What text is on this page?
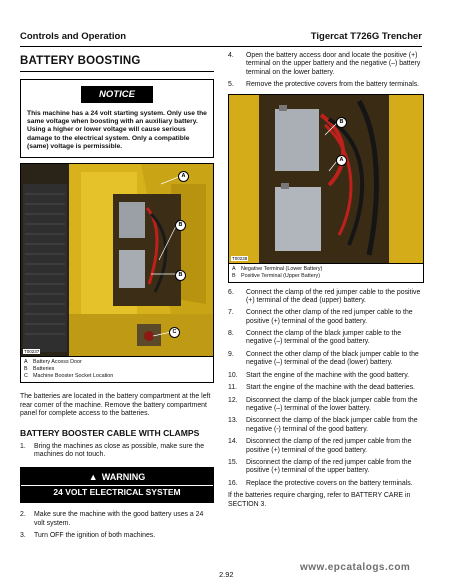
Controls and Operation	Tigercat T726G Trencher
BATTERY BOOSTING
NOTICE
This machine has a 24 volt starting system. Only use the same voltage when boosting with an auxiliary battery. Using a higher or lower voltage will cause serious damage to the electrical system. Only a compatible (same) voltage is permissible.
A
B
B
C
T00237
A Battery Access Door
B Batteries
C Machine Booster Socket Location
The batteries are located in the battery compartment at the left rear corner of the machine. Remove the battery compartment panel for complete access to the batteries.
BATTERY BOOSTER CABLE WITH CLAMPS
1. Bring the machines as close as possible, make sure the machines do not touch.
▲ WARNING
24 VOLT ELECTRICAL SYSTEM
2. Make sure the machine with the good battery uses a 24 volt system.
3. Turn OFF the ignition of both machines.
4. Open the battery access door and locate the positive (+) terminal on the upper battery and the negative (–) battery terminal on the lower battery.
5. Remove the protective covers from the battery terminals.
B
A
T00238
A Negative Terminal (Lower Battery)
B Positive Terminal (Upper Battery)
6. Connect the clamp of the red jumper cable to the positive (+) terminal of the dead (upper) battery.
7. Connect the other clamp of the red jumper cable to the positive (+) terminal of the good battery.
8. Connect the clamp of the black jumper cable to the negative (–) terminal of the good battery.
9. Connect the other clamp of the black jumper cable to the negative (–) terminal of the dead (lower) battery.
10. Start the engine of the machine with the good battery.
11. Start the engine of the machine with the dead batteries.
12. Disconnect the clamp of the black jumper cable from the negative (–) terminal of the lower battery.
13. Disconnect the clamp of the black jumper cable from the negative (-) terminal of the good battery.
14. Disconnect the clamp of the red jumper cable from the positive (+) terminal of the good battery.
15. Disconnect the clamp of the red jumper cable from the positive (+) terminal of the upper battery.
16. Replace the protective covers on the battery terminals.
If the batteries require charging, refer to BATTERY CARE in SECTION 3.
2.92
www.epcatalogs.com
